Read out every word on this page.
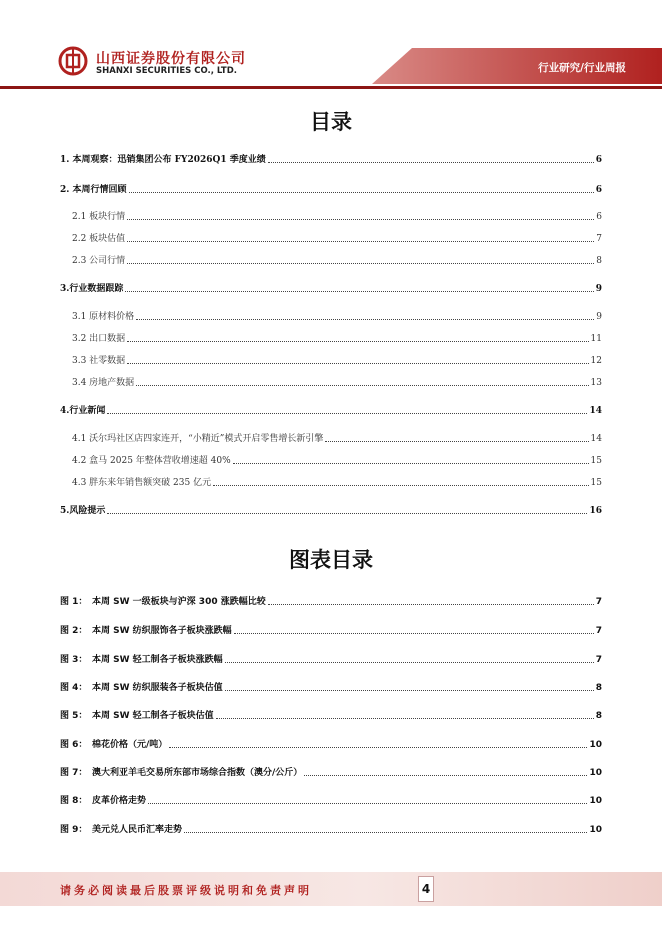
山西证券股份有限公司
SHANXI SECURITIES CO., LTD.	行业研究/行业周报
目录
1. 本周观察：迅销集团公布 FY2026Q1 季度业绩	6
2. 本周行情回顾	6
2.1 板块行情	6
2.2 板块估值	7
2.3 公司行情	8
3.行业数据跟踪	9
3.1 原材料价格	9
3.2 出口数据	11
3.3 社零数据	12
3.4 房地产数据	13
4.行业新闻	14
4.1 沃尔玛社区店四家连开，“小精近”模式开启零售增长新引擎	14
4.2 盒马 2025 年整体营收增速超 40%	15
4.3 胖东来年销售额突破 235 亿元	15
5.风险提示	16
图表目录
图 1： 本周 SW 一级板块与沪深 300 涨跌幅比较	7
图 2： 本周 SW 纺织服饰各子板块涨跌幅	7
图 3： 本周 SW 轻工制各子板块涨跌幅	7
图 4： 本周 SW 纺织服装各子板块估值	8
图 5： 本周 SW 轻工制各子板块估值	8
图 6： 棉花价格（元/吨）	10
图 7： 澳大利亚羊毛交易所东部市场综合指数（澳分/公斤）	10
图 8： 皮革价格走势	10
图 9： 美元兑人民币汇率走势	10
请务必阅读最后股票评级说明和免责声明	4
